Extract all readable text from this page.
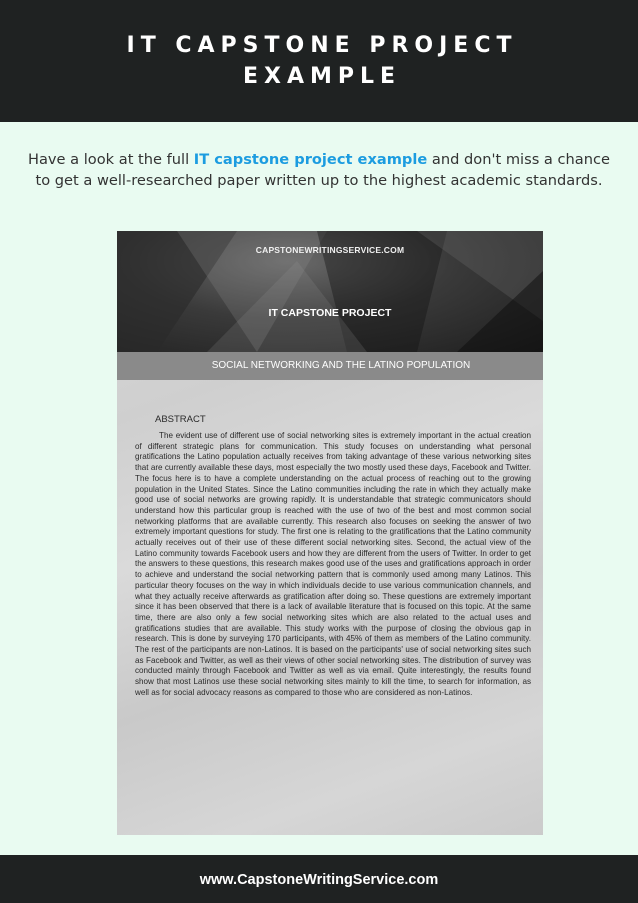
IT CAPSTONE PROJECT
EXAMPLE

Have a look at the full IT capstone project example and don't miss a chance to get a well-researched paper written up to the highest academic standards.

CAPSTONEWRITINGSERVICE.COM
IT CAPSTONE PROJECT
SOCIAL NETWORKING AND THE LATINO POPULATION
ABSTRACT

The evident use of different use of social networking sites is extremely important in the actual creation of different strategic plans for communication. This study focuses on understanding what personal gratifications the Latino population actually receives from taking advantage of these various networking sites that are currently available these days, most especially the two mostly used these days, Facebook and Twitter. The focus here is to have a complete understanding on the actual process of reaching out to the growing population in the United States. Since the Latino communities including the rate in which they actually make good use of social networks are growing rapidly. It is understandable that strategic communicators should understand how this particular group is reached with the use of two of the best and most common social networking platforms that are available currently. This research also focuses on seeking the answer of two extremely important questions for study. The first one is relating to the gratifications that the Latino community actually receives out of their use of these different social networking sites. Second, the actual view of the Latino community towards Facebook users and how they are different from the users of Twitter. In order to get the answers to these questions, this research makes good use of the uses and gratifications approach in order to achieve and understand the social networking pattern that is commonly used among many Latinos. This particular theory focuses on the way in which individuals decide to use various communication channels, and what they actually receive afterwards as gratification after doing so. These questions are extremely important since it has been observed that there is a lack of available literature that is focused on this topic. At the same time, there are also only a few social networking sites which are also related to the actual uses and gratifications studies that are available. This study works with the purpose of closing the obvious gap in research. This is done by surveying 170 participants, with 45% of them as members of the Latino community. The rest of the participants are non-Latinos. It is based on the participants' use of social networking sites such as Facebook and Twitter, as well as their views of other social networking sites. The distribution of survey was conducted mainly through Facebook and Twitter as well as via email. Quite interestingly, the results found show that most Latinos use these social networking sites mainly to kill the time, to search for information, as well as for social advocacy reasons as compared to those who are considered as non-Latinos.

www.CapstoneWritingService.com
